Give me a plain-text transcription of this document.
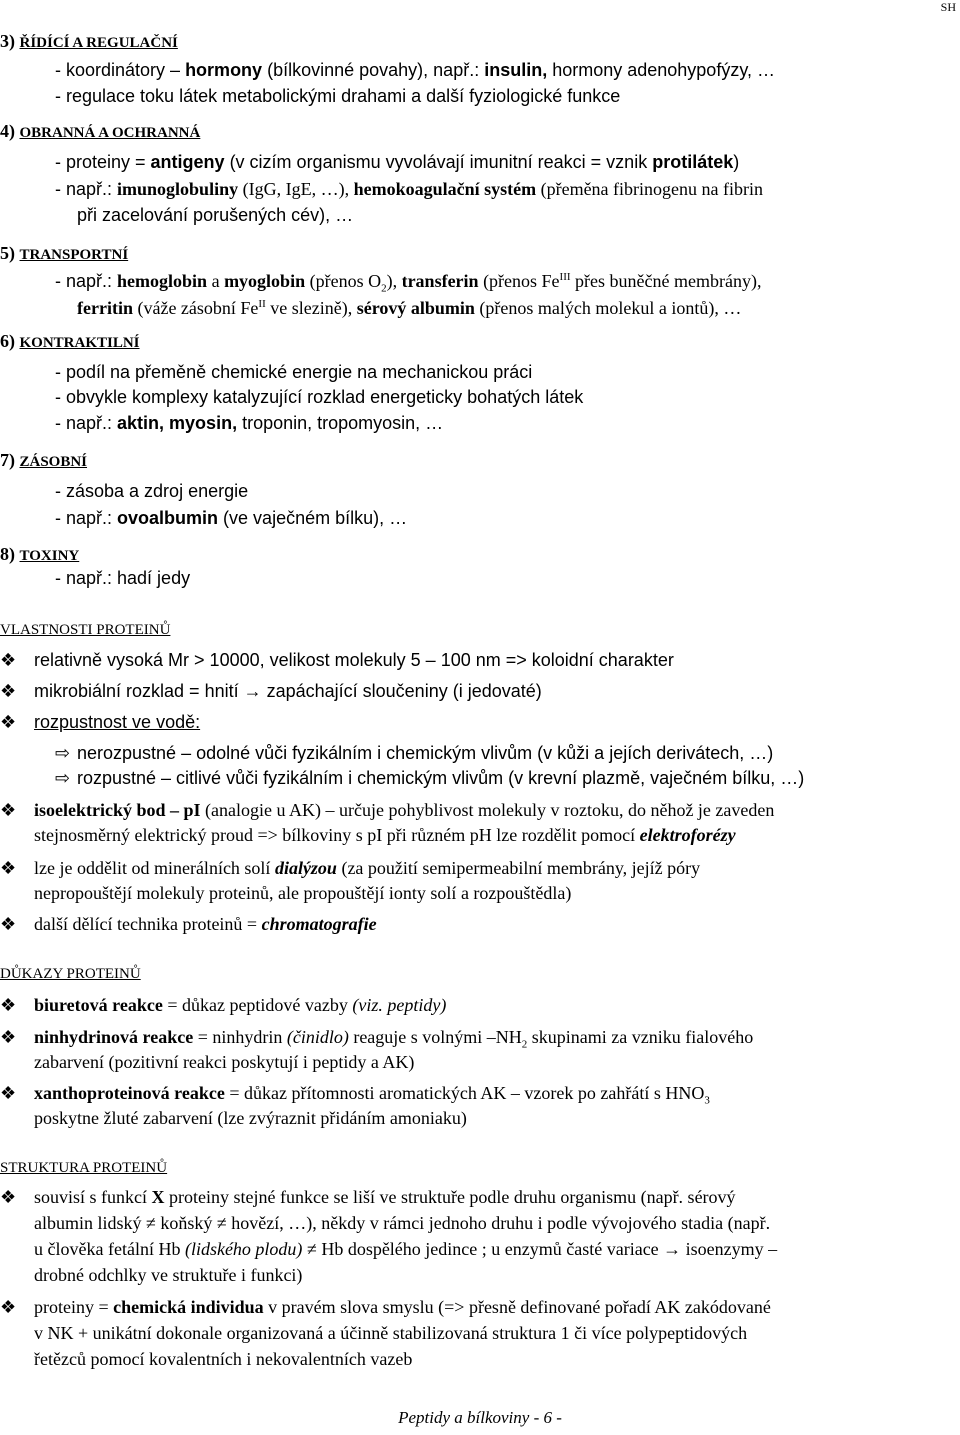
SH
3) ŘÍDÍCÍ A REGULAČNÍ
- koordinátory – hormony (bílkovinné povahy), např.: insulin, hormony adenohypofýzy, …
- regulace toku látek metabolickými drahami a další fyziologické funkce
4) OBRANNÁ A OCHRANNÁ
- proteiny = antigeny (v cizím organismu vyvolávají imunitní reakci = vznik protilátek)
- např.: imunoglobuliny (IgG, IgE, …), hemokoagulační systém (přeměna fibrinogenu na fibrin
při zacelování porušených cév), …
5) TRANSPORTNÍ
- např.: hemoglobin a myoglobin (přenos $O_2$), transferin (přenos $Fe^{III}$ přes buněčné membrány),
ferritin (váže zásobní $Fe^{II}$ ve slezině), sérový albumin (přenos malých molekul a iontů), …
6) KONTRAKTILNÍ
- podíl na přeměně chemické energie na mechanickou práci
- obvykle komplexy katalyzující rozklad energeticky bohatých látek
- např.: aktin, myosin, troponin, tropomyosin, …
7) ZÁSOBNÍ
- zásoba a zdroj energie
- např.: ovoalbumin (ve vaječném bílku), …
8) TOXINY
- např.: hadí jedy
VLASTNOSTI PROTEINŮ
❖ relativně vysoká Mr > 10000, velikost molekuly 5 – 100 nm => koloidní charakter
❖ mikrobiální rozklad = hnití → zapáchající sloučeniny (i jedovaté)
❖ rozpustnost ve vodě:
⇨ nerozpustné – odolné vůči fyzikálním i chemickým vlivům (v kůži a jejích derivátech, …)
⇨ rozpustné – citlivé vůči fyzikálním i chemickým vlivům (v krevní plazmě, vaječném bílku, …)
❖ isoelektrický bod – pI (analogie u AK) – určuje pohyblivost molekuly v roztoku, do něhož je zaveden
stejnosměrný elektrický proud => bílkoviny s pI při různém pH lze rozdělit pomocí elektroforézy
❖ lze je oddělit od minerálních solí dialýzou (za použití semipermeabilní membrány, jejíž póry
nepropouštějí molekuly proteinů, ale propouštějí ionty solí a rozpouštědla)
❖ další dělící technika proteinů = chromatografie
DŮKAZY PROTEINŮ
❖ biuretová reakce = důkaz peptidové vazby (viz. peptidy)
❖ ninhydrinová reakce = ninhydrin (činidlo) reaguje s volnými $-NH_2$ skupinami za vzniku fialového
zabarvení (pozitivní reakci poskytují i peptidy a AK)
❖ xanthoproteinová reakce = důkaz přítomnosti aromatických AK – vzorek po zahřátí s $HNO_3$
poskytne žluté zabarvení (lze zvýraznit přidáním amoniaku)
STRUKTURA PROTEINŮ
❖ souvisí s funkcí X proteiny stejné funkce se liší ve struktuře podle druhu organismu (např. sérový
albumin lidský ≠ koňský ≠ hovězí, …), někdy v rámci jednoho druhu i podle vývojového stadia (např.
u člověka fetální Hb (lidského plodu) ≠ Hb dospělého jedince ; u enzymů časté variace → isoenzymy –
drobné odchlky ve struktuře i funkci)
❖ proteiny = chemická individua v pravém slova smyslu (=> přesně definované pořadí AK zakódované
v NK + unikátní dokonale organizovaná a účinně stabilizovaná struktura 1 či více polypeptidových
řetězců pomocí kovalentních i nekovalentních vazeb
Peptidy a bílkoviny - 6 -
